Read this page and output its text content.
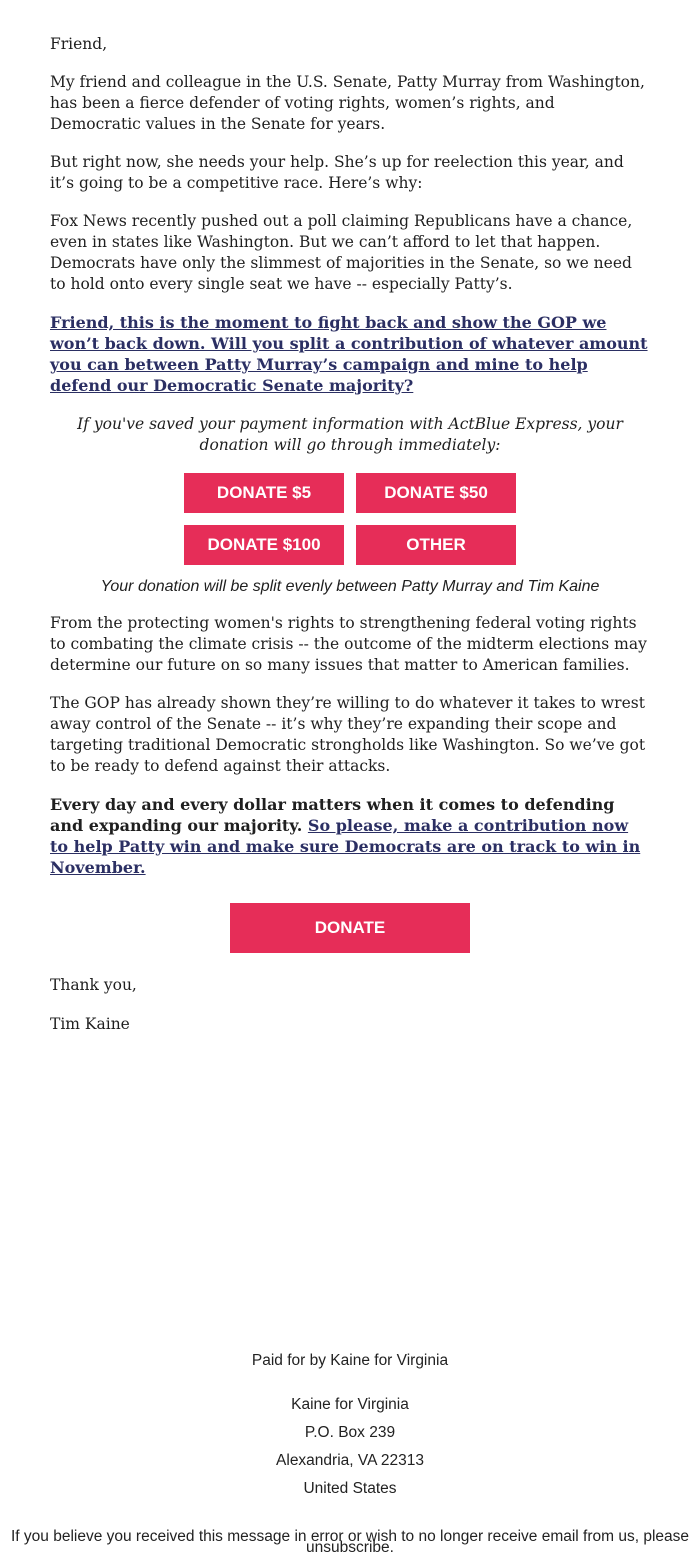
Friend,

My friend and colleague in the U.S. Senate, Patty Murray from Washington, has been a fierce defender of voting rights, women’s rights, and Democratic values in the Senate for years.

But right now, she needs your help. She’s up for reelection this year, and it’s going to be a competitive race. Here’s why:

Fox News recently pushed out a poll claiming Republicans have a chance, even in states like Washington. But we can’t afford to let that happen. Democrats have only the slimmest of majorities in the Senate, so we need to hold onto every single seat we have -- especially Patty’s.

Friend, this is the moment to fight back and show the GOP we won’t back down. Will you split a contribution of whatever amount you can between Patty Murray’s campaign and mine to help defend our Democratic Senate majority?

If you've saved your payment information with ActBlue Express, your donation will go through immediately:

DONATE $5	DONATE $50
DONATE $100	OTHER

Your donation will be split evenly between Patty Murray and Tim Kaine

From the protecting women's rights to strengthening federal voting rights to combating the climate crisis -- the outcome of the midterm elections may determine our future on so many issues that matter to American families.

The GOP has already shown they’re willing to do whatever it takes to wrest away control of the Senate -- it’s why they’re expanding their scope and targeting traditional Democratic strongholds like Washington. So we’ve got to be ready to defend against their attacks.

Every day and every dollar matters when it comes to defending and expanding our majority. So please, make a contribution now to help Patty win and make sure Democrats are on track to win in November.

DONATE

Thank you,

Tim Kaine

Paid for by Kaine for Virginia

Kaine for Virginia

P.O. Box 239

Alexandria, VA 22313

United States

If you believe you received this message in error or wish to no longer receive email from us, please unsubscribe.
